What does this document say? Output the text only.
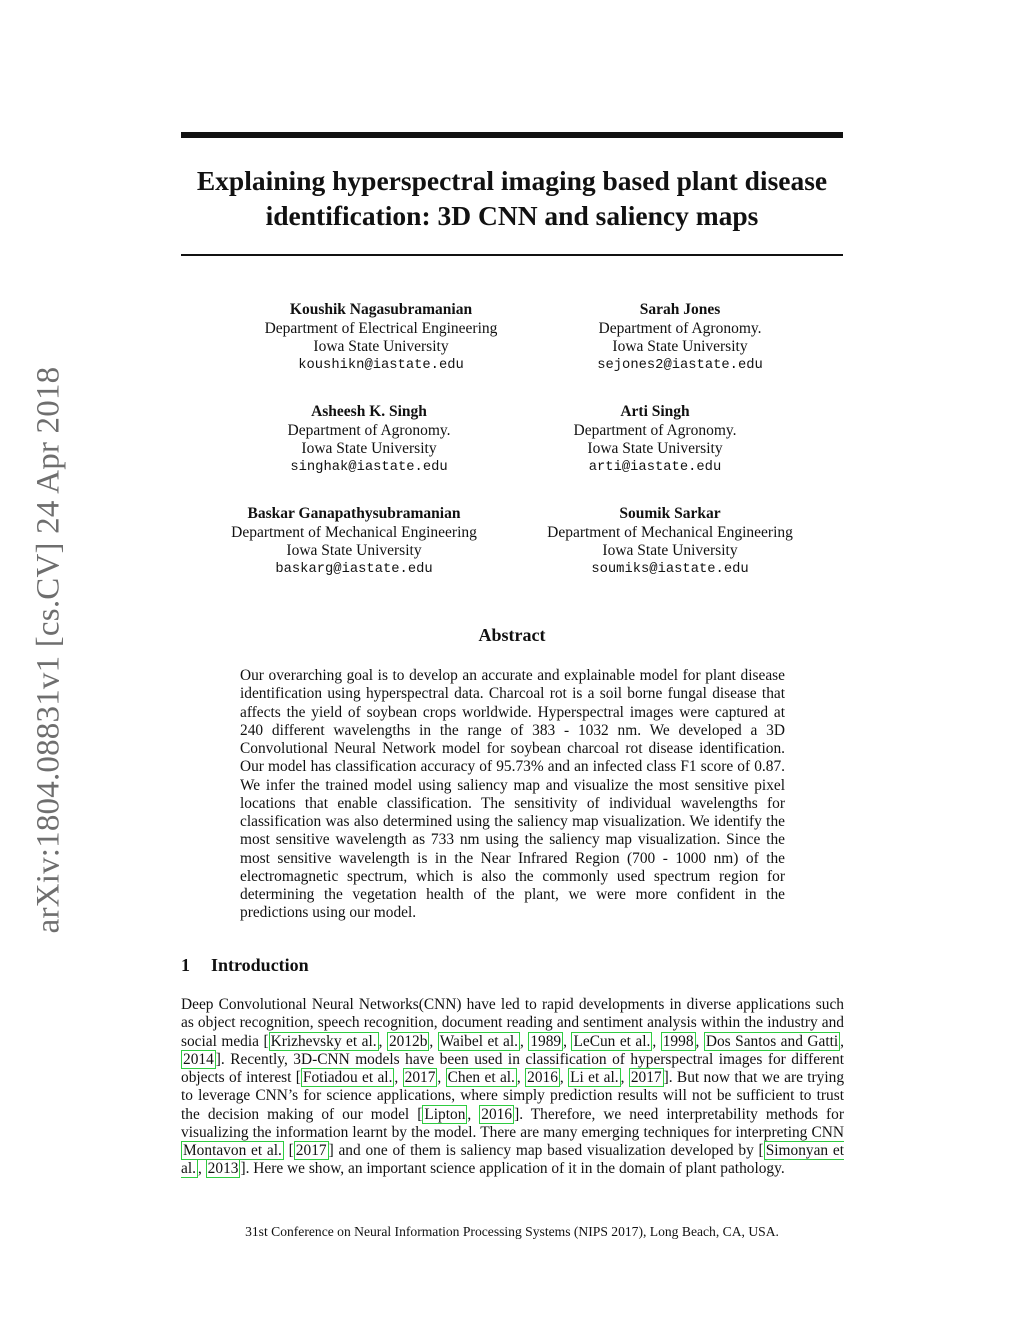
arXiv:1804.08831v1 [cs.CV] 24 Apr 2018
Explaining hyperspectral imaging based plant disease
identification: 3D CNN and saliency maps
Koushik Nagasubramanian
Department of Electrical Engineering
Iowa State University
koushikn@iastate.edu
Sarah Jones
Department of Agronomy.
Iowa State University
sejones2@iastate.edu
Asheesh K. Singh
Department of Agronomy.
Iowa State University
singhak@iastate.edu
Arti Singh
Department of Agronomy.
Iowa State University
arti@iastate.edu
Baskar Ganapathysubramanian
Department of Mechanical Engineering
Iowa State University
baskarg@iastate.edu
Soumik Sarkar
Department of Mechanical Engineering
Iowa State University
soumiks@iastate.edu
Abstract

Our overarching goal is to develop an accurate and explainable model for plant disease identification using hyperspectral data. Charcoal rot is a soil borne fungal disease that affects the yield of soybean crops worldwide. Hyperspectral images were captured at 240 different wavelengths in the range of 383 - 1032 nm. We developed a 3D Convolutional Neural Network model for soybean charcoal rot disease identification. Our model has classification accuracy of 95.73% and an infected class F1 score of 0.87. We infer the trained model using saliency map and visualize the most sensitive pixel locations that enable classification. The sensitivity of individual wavelengths for classification was also determined using the saliency map visualization. We identify the most sensitive wavelength as 733 nm using the saliency map visualization. Since the most sensitive wavelength is in the Near Infrared Region (700 - 1000 nm) of the electromagnetic spectrum, which is also the commonly used spectrum region for determining the vegetation health of the plant, we were more confident in the predictions using our model.

1 Introduction

Deep Convolutional Neural Networks(CNN) have led to rapid developments in diverse applications such as object recognition, speech recognition, document reading and sentiment analysis within the industry and social media [ Krizhevsky et al. , 2012b , Waibel et al. , 1989 , LeCun et al. , 1998 , Dos Santos and Gatti , 2014 ]. Recently, 3D-CNN models have been used in classification of hyperspectral images for different objects of interest [ Fotiadou et al. , 2017 , Chen et al. , 2016 , Li et al. , 2017 ]. But now that we are trying to leverage CNN’s for science applications, where simply prediction results will not be sufficient to trust the decision making of our model [ Lipton , 2016 ]. Therefore, we need interpretability methods for visualizing the information learnt by the model. There are many emerging techniques for interpreting CNN Montavon et al. [ 2017 ] and one of them is saliency map based visualization developed by [ Simonyan et al. , 2013 ]. Here we show, an important science application of it in the domain of plant pathology.

31st Conference on Neural Information Processing Systems (NIPS 2017), Long Beach, CA, USA.
